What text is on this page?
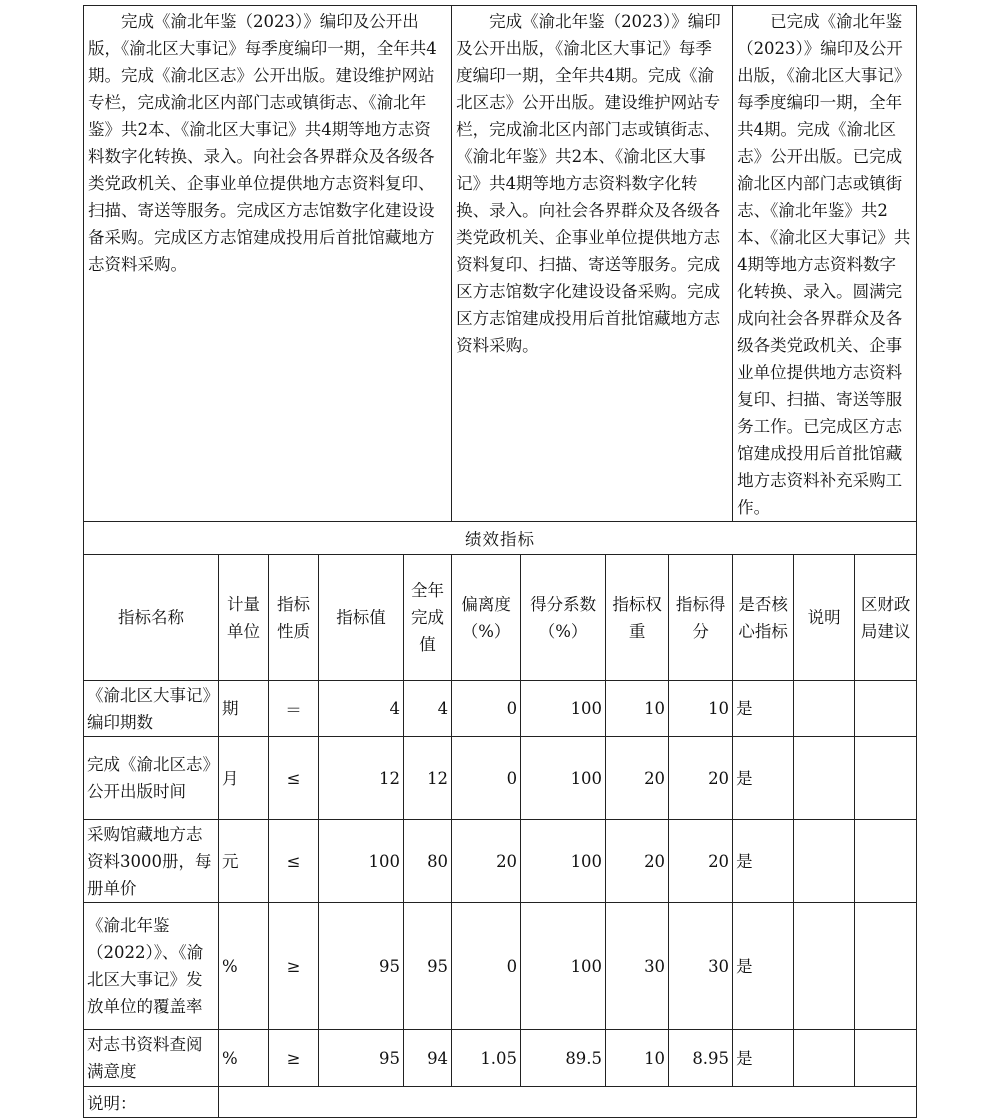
完成《渝北年鉴（2023）》编印及公开出版，《渝北区大事记》每季度编印一期，全年共4期。完成《渝北区志》公开出版。建设维护网站专栏，完成渝北区内部门志或镇街志、《渝北年鉴》共2本、《渝北区大事记》共4期等地方志资料数字化转换、录入。向社会各界群众及各级各类党政机关、企事业单位提供地方志资料复印、扫描、寄送等服务。完成区方志馆数字化建设设备采购。完成区方志馆建成投用后首批馆藏地方志资料采购。					完成《渝北年鉴（2023）》编印及公开出版，《渝北区大事记》每季度编印一期，全年共4期。完成《渝北区志》公开出版。建设维护网站专栏，完成渝北区内部门志或镇街志、《渝北年鉴》共2本、《渝北区大事记》共4期等地方志资料数字化转换、录入。向社会各界群众及各级各类党政机关、企事业单位提供地方志资料复印、扫描、寄送等服务。完成区方志馆数字化建设设备采购。完成区方志馆建成投用后首批馆藏地方志资料采购。				已完成《渝北年鉴（2023）》编印及公开出版，《渝北区大事记》每季度编印一期，全年共4期。完成《渝北区志》公开出版。已完成渝北区内部门志或镇街志、《渝北年鉴》共2本、《渝北区大事记》共4期等地方志资料数字化转换、录入。圆满完成向社会各界群众及各级各类党政机关、企事业单位提供地方志资料复印、扫描、寄送等服务工作。已完成区方志馆建成投用后首批馆藏地方志资料补充采购工作。		

绩效指标											
指标名称	计量单位	指标性质	指标值	全年完成值	偏离度（%）	得分系数（%）	指标权重	指标得分	是否核心指标	说明	区财政局建议
《渝北区大事记》编印期数	期	＝	4	4	0	100	10	10	是		
完成《渝北区志》公开出版时间	月	≤	12	12	0	100	20	20	是		
采购馆藏地方志资料3000册，每册单价	元	≤	100	80	20	100	20	20	是		
《渝北年鉴（2022）》、《渝北区大事记》发放单位的覆盖率	%	≥	95	95	0	100	30	30	是		
对志书资料查阅满意度	%	≥	95	94	1.05	89.5	10	8.95	是		
说明：											
